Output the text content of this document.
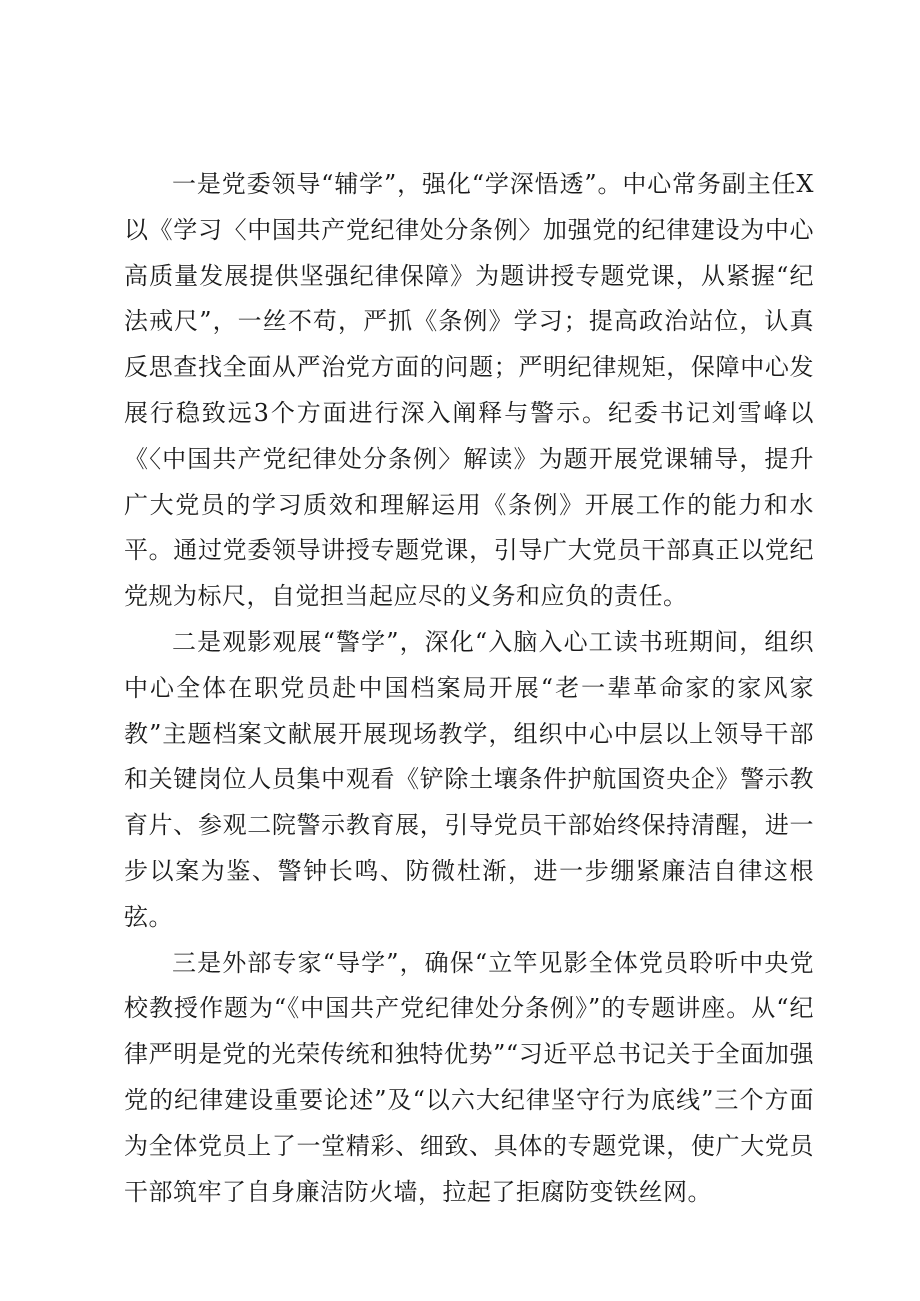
一是党委领导“辅学”，强化“学深悟透”。中心常务副主任X以《学习〈中国共产党纪律处分条例〉加强党的纪律建设为中心高质量发展提供坚强纪律保障》为题讲授专题党课，从紧握“纪法戒尺”，一丝不苟，严抓《条例》学习；提高政治站位，认真反思查找全面从严治党方面的问题；严明纪律规矩，保障中心发展行稳致远3个方面进行深入阐释与警示。纪委书记刘雪峰以《〈中国共产党纪律处分条例〉解读》为题开展党课辅导，提升广大党员的学习质效和理解运用《条例》开展工作的能力和水平。通过党委领导讲授专题党课，引导广大党员干部真正以党纪党规为标尺，自觉担当起应尽的义务和应负的责任。

二是观影观展“警学”，深化“入脑入心工读书班期间，组织中心全体在职党员赴中国档案局开展“老一辈革命家的家风家教”主题档案文献展开展现场教学，组织中心中层以上领导干部和关键岗位人员集中观看《铲除土壤条件护航国资央企》警示教育片、参观二院警示教育展，引导党员干部始终保持清醒，进一步以案为鉴、警钟长鸣、防微杜渐，进一步绷紧廉洁自律这根弦。

三是外部专家“导学”，确保“立竿见影全体党员聆听中央党校教授作题为“《中国共产党纪律处分条例》”的专题讲座。从“纪律严明是党的光荣传统和独特优势”“习近平总书记关于全面加强党的纪律建设重要论述”及“以六大纪律坚守行为底线”三个方面为全体党员上了一堂精彩、细致、具体的专题党课，使广大党员干部筑牢了自身廉洁防火墙，拉起了拒腐防变铁丝网。
